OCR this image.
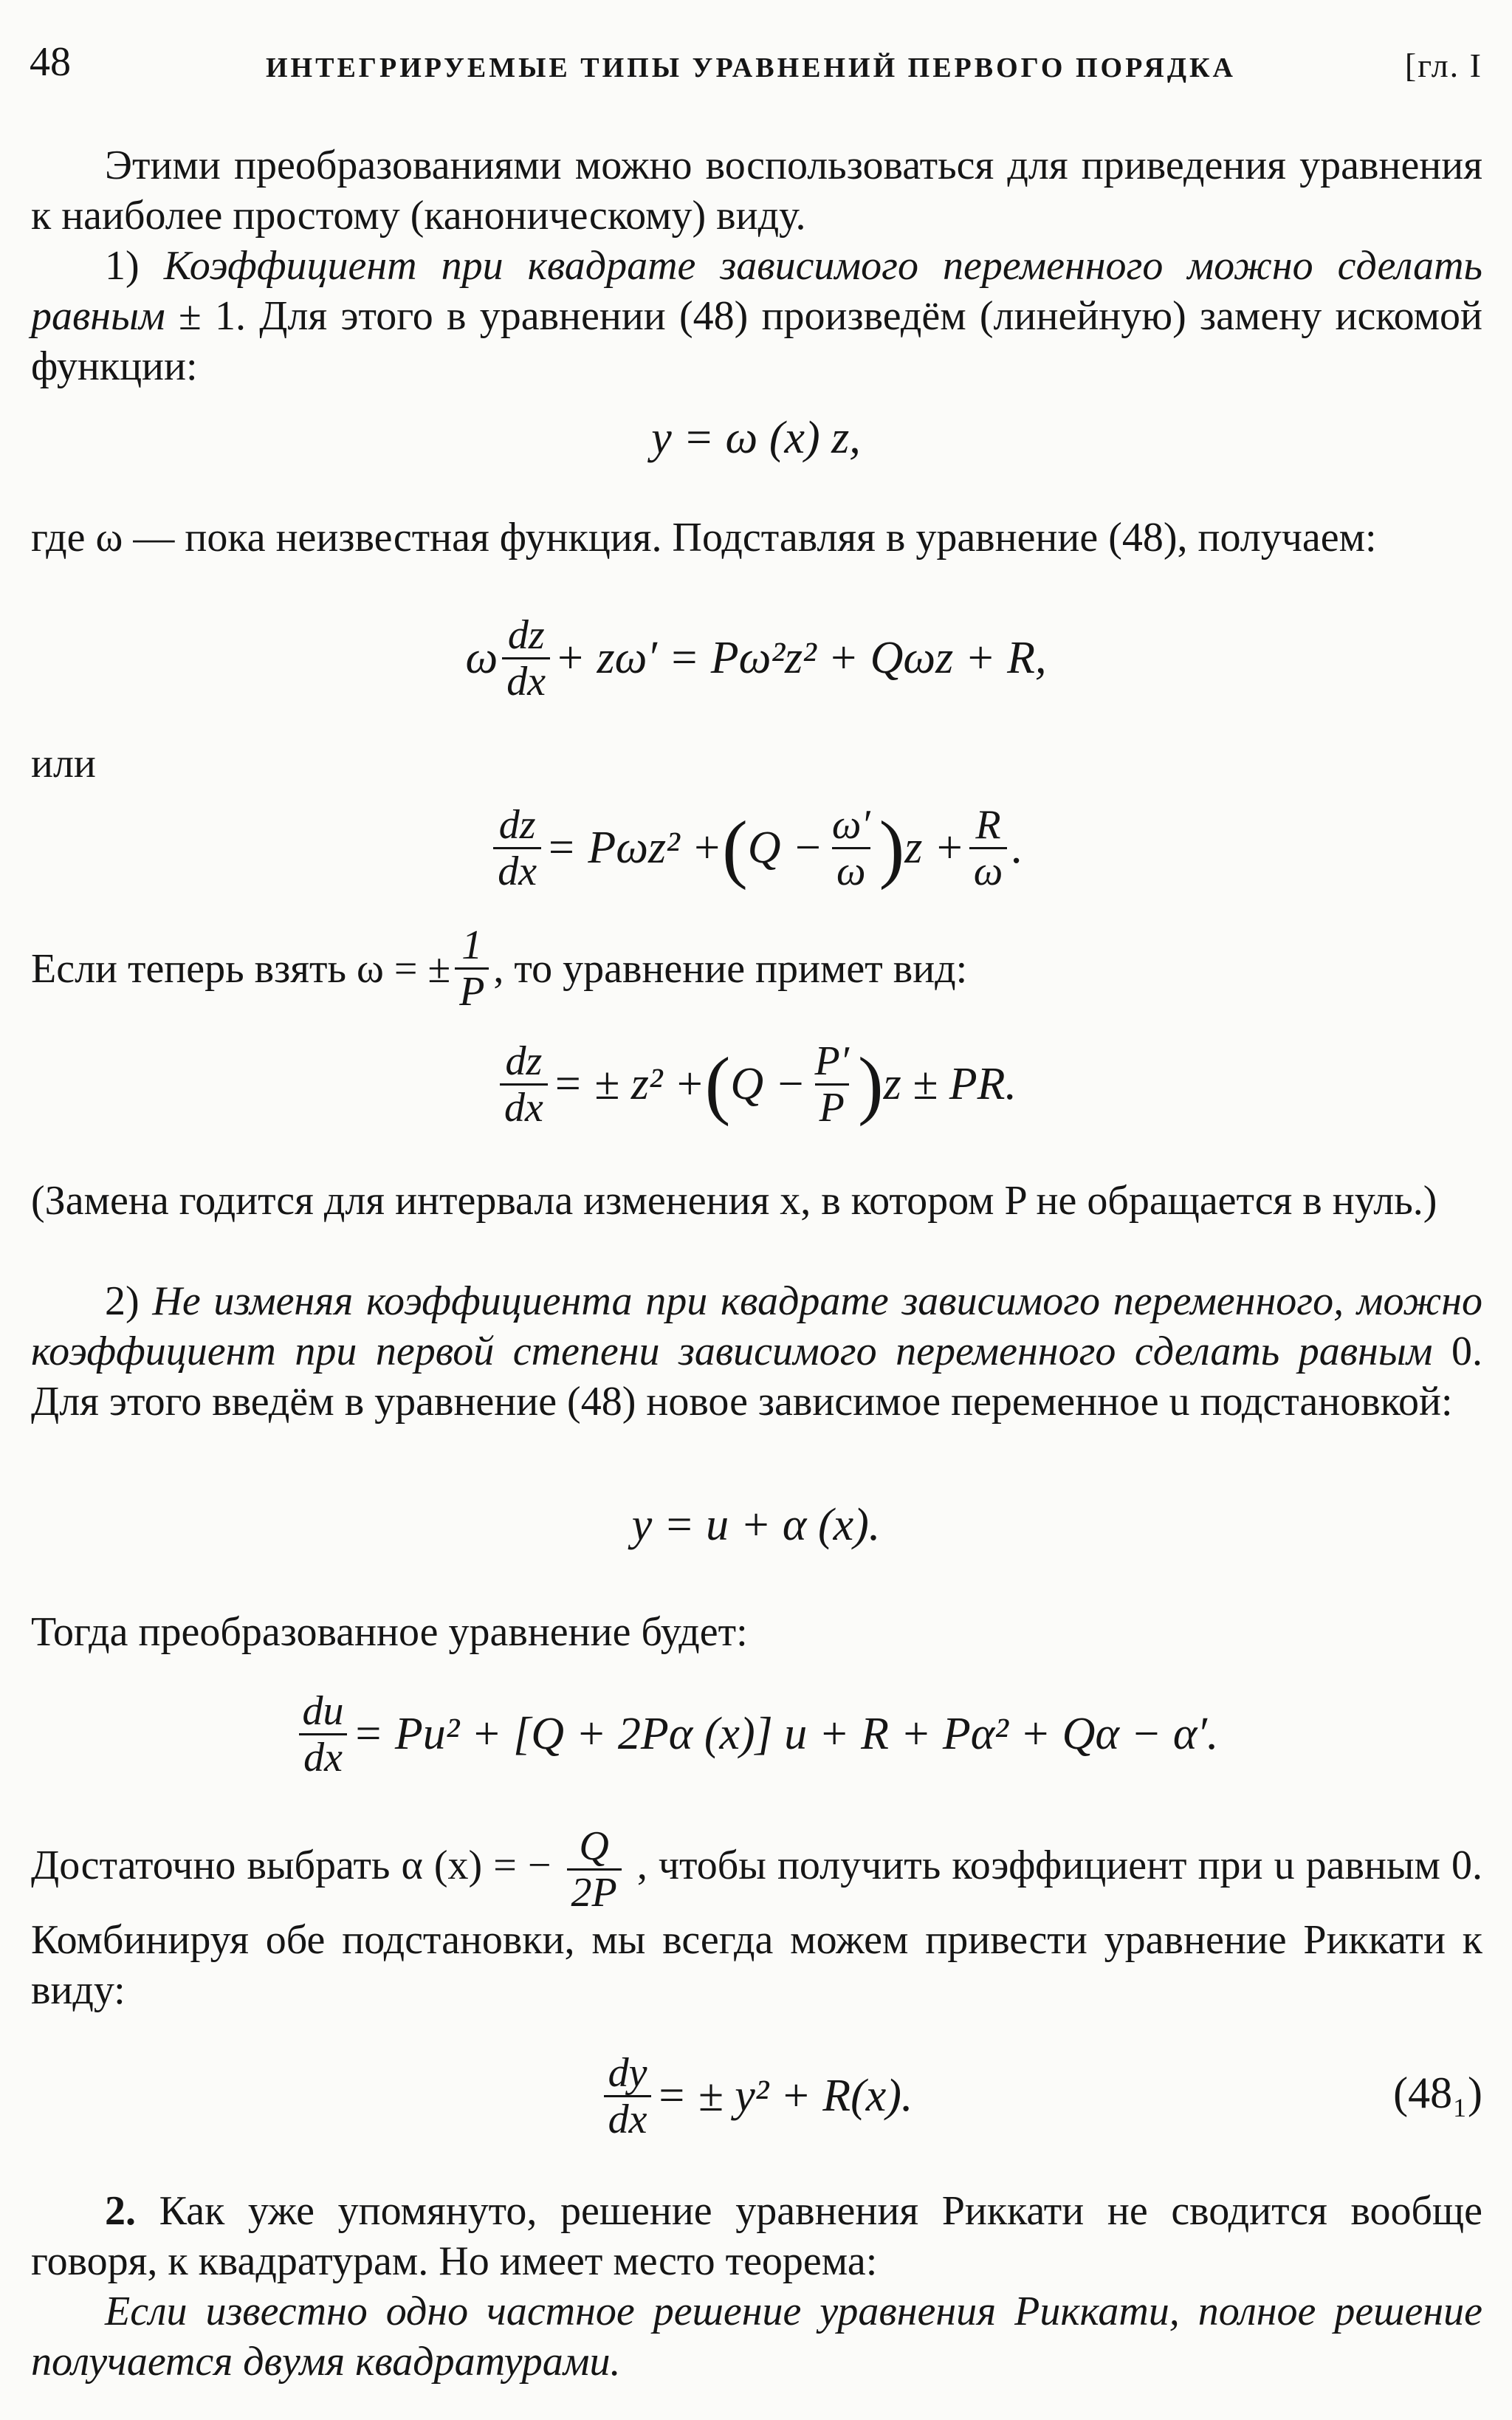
48	ИНТЕГРИРУЕМЫЕ ТИПЫ УРАВНЕНИЙ ПЕРВОГО ПОРЯДКА	[гл. I
Этими преобразованиями можно воспользоваться для приведения уравнения к наиболее простому (каноническому) виду.
1) Коэффициент при квадрате зависимого переменного можно сделать равным ± 1. Для этого в уравнении (48) произведём (линейную) замену искомой функции:
y = ω (x) z,
где ω — пока неизвестная функция. Подставляя в уравнение (48), получаем:
ω $\frac{dz}{dx} + z\omega' = P\omega^2z^2 + Q\omega z + R$,
или
$\frac{dz}{dx} = P\omega z^2$ + ( $Q - \frac{\omega'}{\omega}$ ) $z + \frac{R}{\omega}$ .
Если теперь взять ω = ± $\frac{1}{P}$ , то уравнение примет вид:
$\frac{dz}{dx}$ = ± z² + ( $Q - \frac{P'}{P}$ ) z ± PR.
(Замена годится для интервала изменения x, в котором P не обращается в нуль.)
2) Не изменяя коэффициента при квадрате зависимого переменного, можно коэффициент при первой степени зависимого переменного сделать равным 0. Для этого введём в уравнение (48) новое зависимое переменное u подстановкой:
y = u + α (x).
Тогда преобразованное уравнение будет:
$\frac{du}{dx} = Pu^2 + [Q + 2P\alpha$ (x)] u + R + Pα² + Qα − α′.
Достаточно выбрать α (x) = − $\frac{Q}{2P}$ , чтобы получить коэффициент при u равным 0. Комбинируя обе подстановки, мы всегда можем привести уравнение Риккати к виду:
$\frac{dy}{dx}$ = ± y² + R(x).	(48₁)
2. Как уже упомянуто, решение уравнения Риккати не сводится вообще говоря, к квадратурам. Но имеет место теорема:
Если известно одно частное решение уравнения Риккати, полное решение получается двумя квадратурами.
